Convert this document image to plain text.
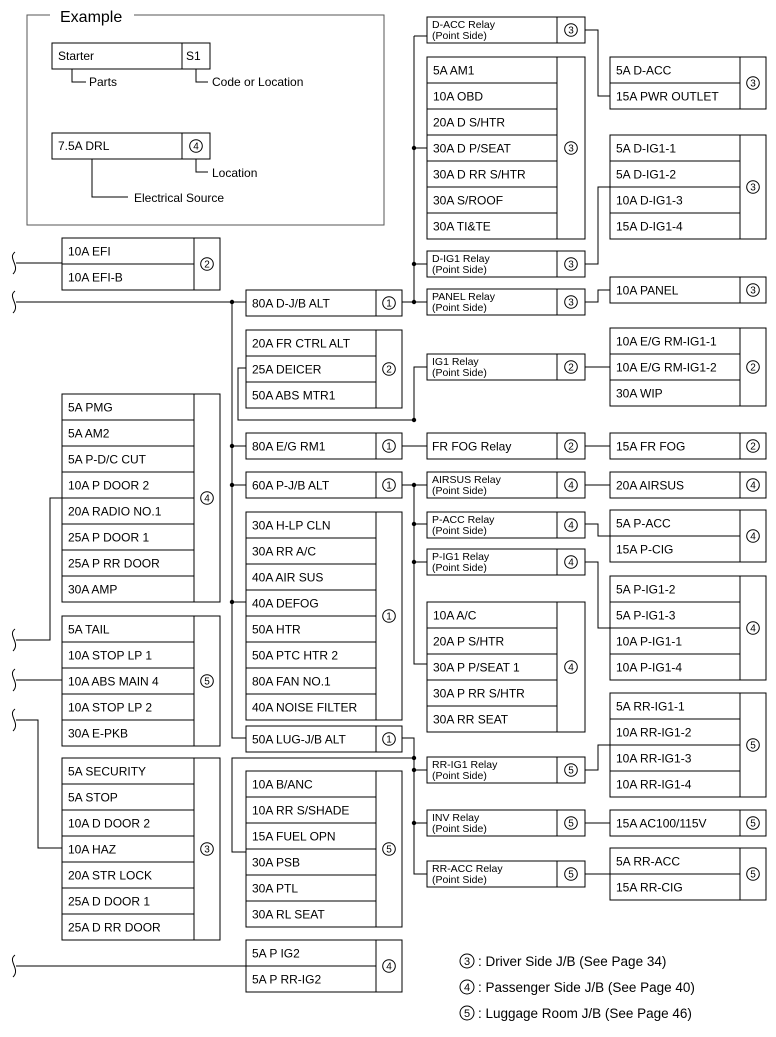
10A EFI
10A EFI-B
2
5A PMG
5A AM2
5A P-D/C CUT
10A P DOOR 2
20A RADIO NO.1
25A P DOOR 1
25A P RR DOOR
30A AMP
4
5A TAIL
10A STOP LP 1
10A ABS MAIN 4
10A STOP LP 2
30A E-PKB
5
5A SECURITY
5A STOP
10A D DOOR 2
10A HAZ
20A STR LOCK
25A D DOOR 1
25A D RR DOOR
3
80A D-J/B ALT	1
20A FR CTRL ALT
25A DEICER
50A ABS MTR1
2
80A E/G RM1	1
60A P-J/B ALT	1
30A H-LP CLN
30A RR A/C
40A AIR SUS
40A DEFOG
50A HTR
50A PTC HTR 2
80A FAN NO.1
40A NOISE FILTER
1
50A LUG-J/B ALT	1
10A B/ANC
10A RR S/SHADE
15A FUEL OPN
30A PSB
30A PTL
30A RL SEAT
5
5A P IG2
5A P RR-IG2
4
D-ACC Relay
(Point Side)	3
D-IG1 Relay
(Point Side)	3
PANEL Relay
(Point Side)	3
IG1 Relay
(Point Side)	2
FR FOG Relay	2
AIRSUS Relay
(Point Side)	4
P-ACC Relay
(Point Side)	4
P-IG1 Relay
(Point Side)	4
RR-IG1 Relay
(Point Side)	5
INV Relay
(Point Side)	5
RR-ACC Relay
(Point Side)	5
5A AM1
10A OBD
20A D S/HTR
30A D P/SEAT
30A D RR S/HTR
30A S/ROOF
30A TI&TE
3
10A A/C
20A P S/HTR
30A P P/SEAT 1
30A P RR S/HTR
30A RR SEAT
4
5A D-ACC
15A PWR OUTLET
3
5A D-IG1-1
5A D-IG1-2
10A D-IG1-3
15A D-IG1-4
3
10A PANEL	3
10A E/G RM-IG1-1
10A E/G RM-IG1-2
30A WIP
2
15A FR FOG	2
20A AIRSUS	4
5A P-ACC
15A P-CIG
4
5A P-IG1-2
5A P-IG1-3
10A P-IG1-1
10A P-IG1-4
4
5A RR-IG1-1
10A RR-IG1-2
10A RR-IG1-3
10A RR-IG1-4
5
15A AC100/115V	5
5A RR-ACC
15A RR-CIG
5
Example
Starter	S1
Parts	Code or Location
7.5A DRL	4
Location
Electrical Source
3 : Driver Side J/B (See Page 34)
4 : Passenger Side J/B (See Page 40)
5 : Luggage Room J/B (See Page 46)
